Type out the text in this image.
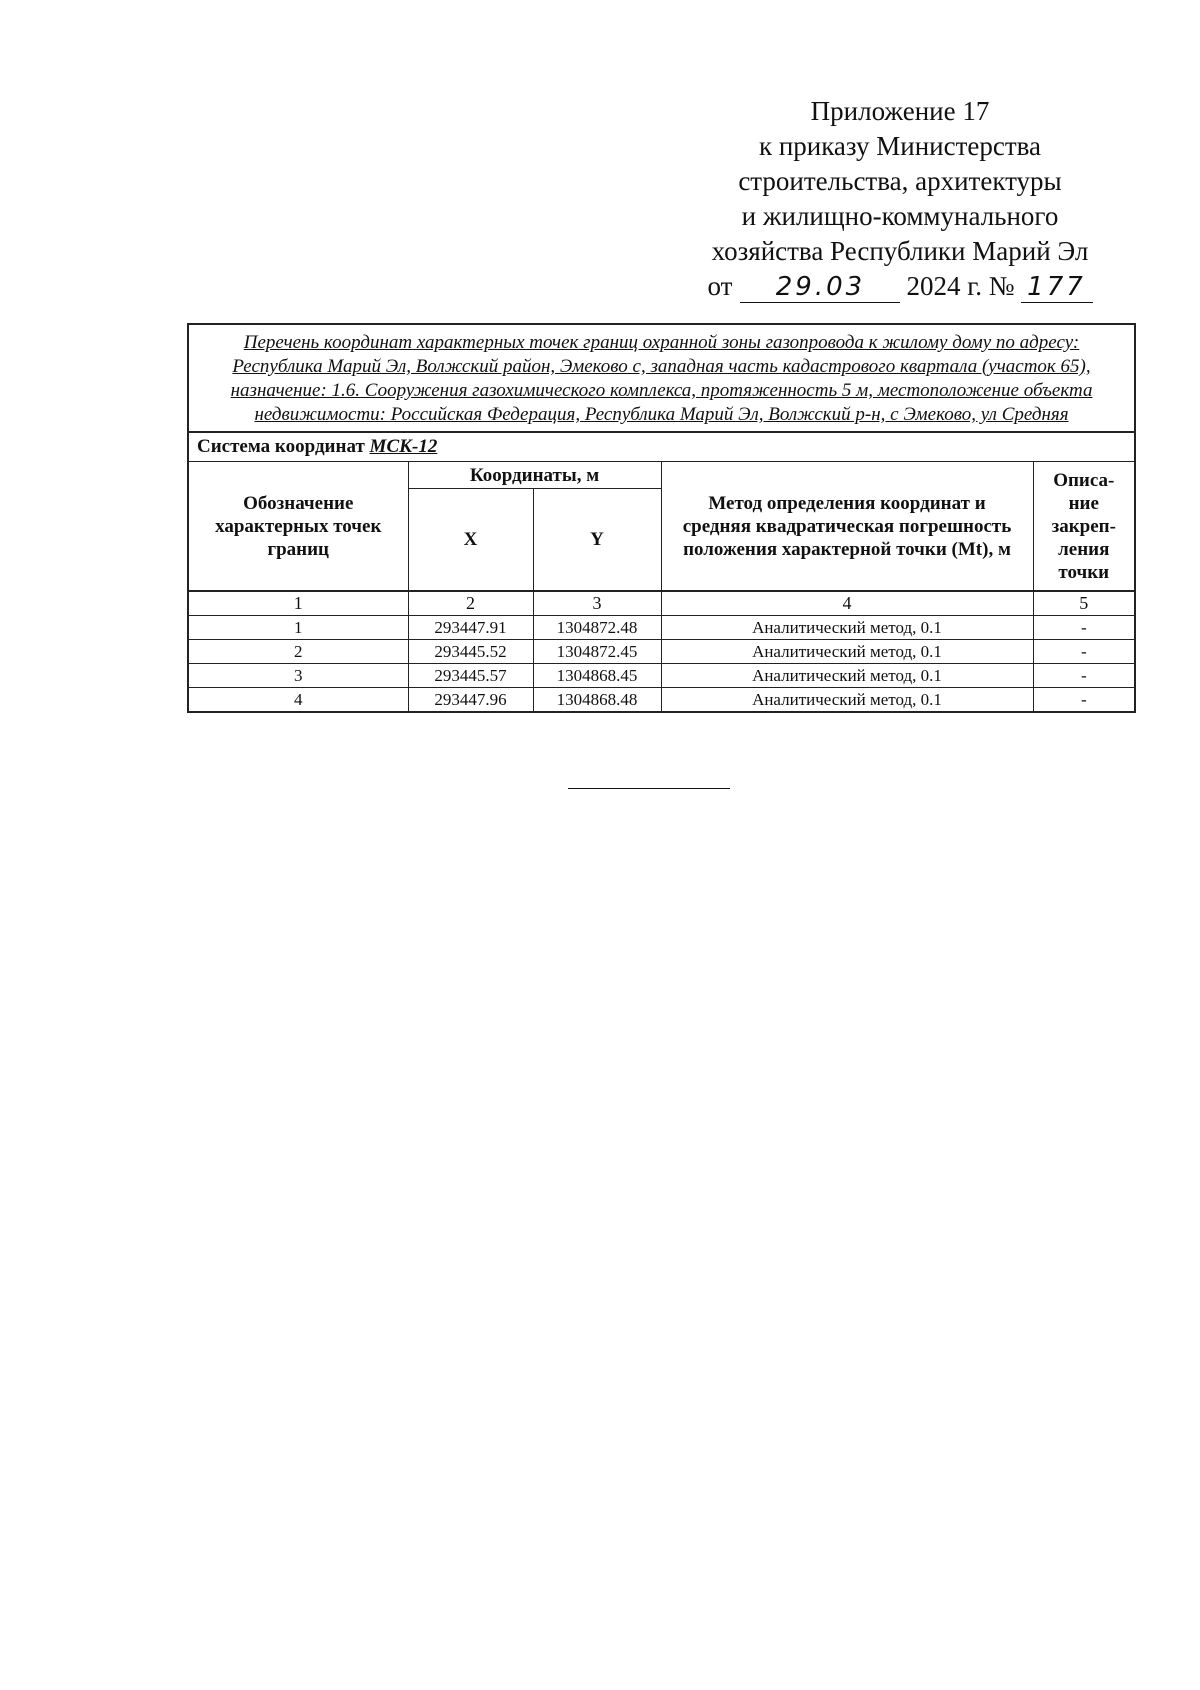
Приложение 17
к приказу Министерства
строительства, архитектуры
и жилищно-коммунального
хозяйства Республики Марий Эл
от 29.03 2024 г. № 177
Перечень координат характерных точек границ охранной зоны газопровода к жилому дому по адресу: Республика Марий Эл, Волжский район, Эмеково с, западная часть кадастрового квартала (участок 65), назначение: 1.6. Сооружения газохимического комплекса, протяженность 5 м, местоположение объекта недвижимости: Российская Федерация, Республика Марий Эл, Волжский р-н, с Эмеково, ул Средняя				
Система координат МСК-12				
Обозначение характерных точек границ	Координаты, м		Метод определения координат и средняя квадратическая погрешность положения характерной точки (Mt), м	Описа-ние закреп-ления точки
	X	Y		
1	2	3	4	5
1	293447.91	1304872.48	Аналитический метод, 0.1	-
2	293445.52	1304872.45	Аналитический метод, 0.1	-
3	293445.57	1304868.45	Аналитический метод, 0.1	-
4	293447.96	1304868.48	Аналитический метод, 0.1	-
